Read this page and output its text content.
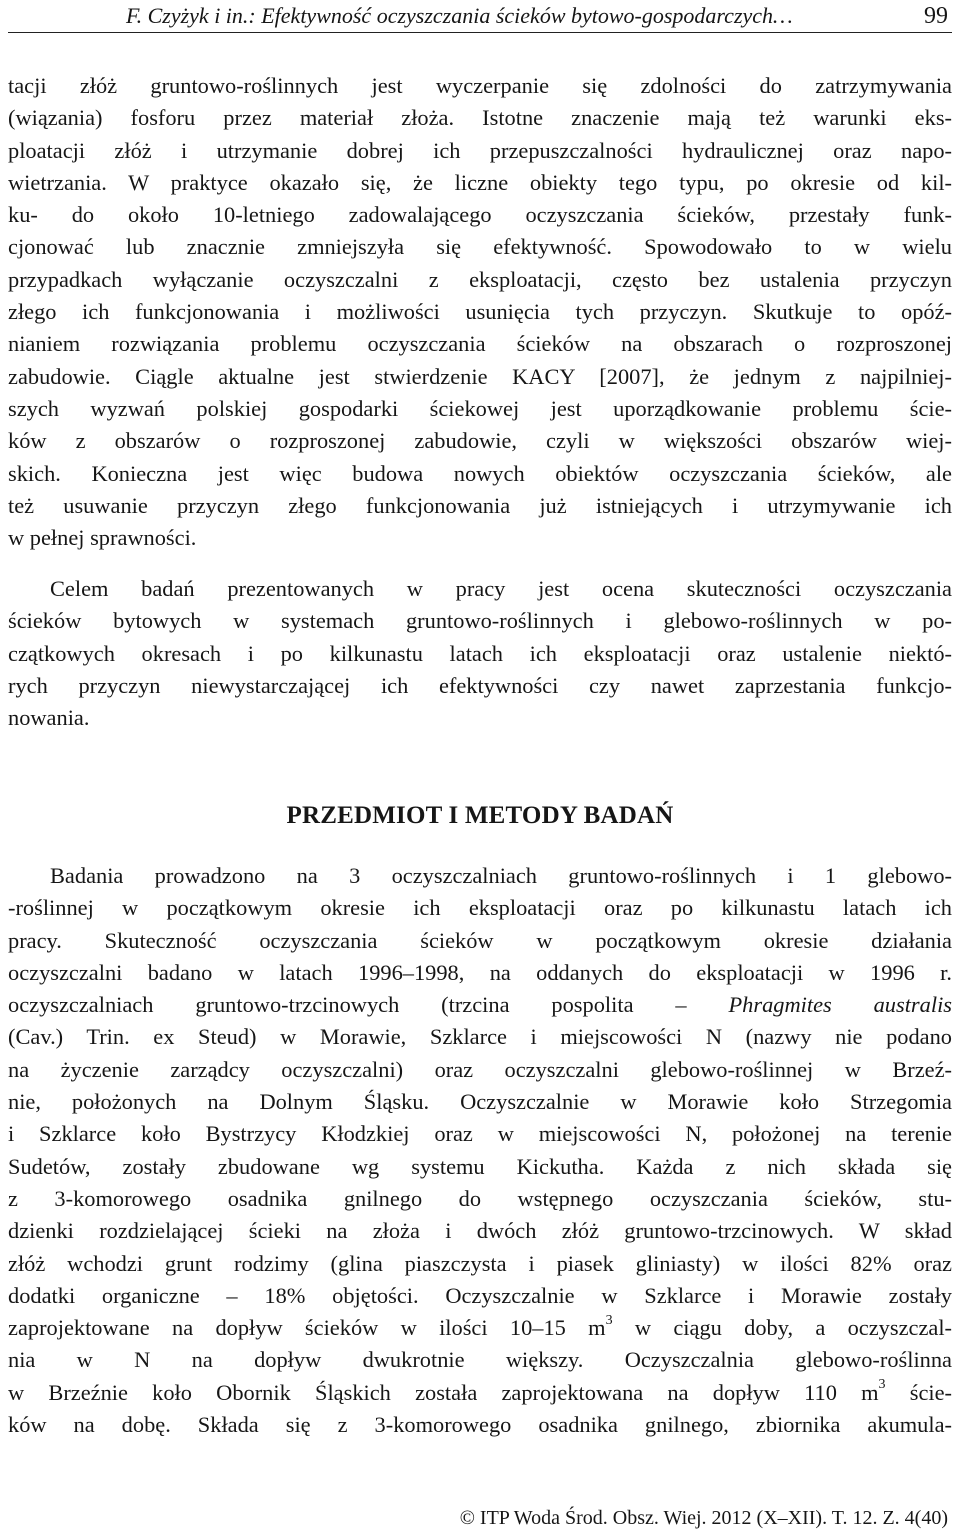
F. Czyżyk i in.: Efektywność oczyszczania ścieków bytowo-gospodarczych…	99
tacji złóż gruntowo-roślinnych jest wyczerpanie się zdolności do zatrzymywania
(wiązania) fosforu przez materiał złoża. Istotne znaczenie mają też warunki eks-
ploatacji złóż i utrzymanie dobrej ich przepuszczalności hydraulicznej oraz napo-
wietrzania. W praktyce okazało się, że liczne obiekty tego typu, po okresie od kil-
ku- do około 10-letniego zadowalającego oczyszczania ścieków, przestały funk-
cjonować lub znacznie zmniejszyła się efektywność. Spowodowało to w wielu
przypadkach wyłączanie oczyszczalni z eksploatacji, często bez ustalenia przyczyn
złego ich funkcjonowania i możliwości usunięcia tych przyczyn. Skutkuje to opóź-
nianiem rozwiązania problemu oczyszczania ścieków na obszarach o rozproszonej
zabudowie. Ciągle aktualne jest stwierdzenie KACY [2007], że jednym z najpilniej-
szych wyzwań polskiej gospodarki ściekowej jest uporządkowanie problemu ście-
ków z obszarów o rozproszonej zabudowie, czyli w większości obszarów wiej-
skich. Konieczna jest więc budowa nowych obiektów oczyszczania ścieków, ale
też usuwanie przyczyn złego funkcjonowania już istniejących i utrzymywanie ich
w pełnej sprawności.
Celem badań prezentowanych w pracy jest ocena skuteczności oczyszczania
ścieków bytowych w systemach gruntowo-roślinnych i glebowo-roślinnych w po-
czątkowych okresach i po kilkunastu latach ich eksploatacji oraz ustalenie niektó-
rych przyczyn niewystarczającej ich efektywności czy nawet zaprzestania funkcjo-
nowania.
PRZEDMIOT I METODY BADAŃ
Badania prowadzono na 3 oczyszczalniach gruntowo-roślinnych i 1 glebowo-
-roślinnej w początkowym okresie ich eksploatacji oraz po kilkunastu latach ich
pracy. Skuteczność oczyszczania ścieków w początkowym okresie działania
oczyszczalni badano w latach 1996–1998, na oddanych do eksploatacji w 1996 r.
oczyszczalniach gruntowo-trzcinowych (trzcina pospolita – Phragmites australis
(Cav.) Trin. ex Steud) w Morawie, Szklarce i miejscowości N (nazwy nie podano
na życzenie zarządcy oczyszczalni) oraz oczyszczalni glebowo-roślinnej w Brzeź-
nie, położonych na Dolnym Śląsku. Oczyszczalnie w Morawie koło Strzegomia
i Szklarce koło Bystrzycy Kłodzkiej oraz w miejscowości N, położonej na terenie
Sudetów, zostały zbudowane wg systemu Kickutha. Każda z nich składa się
z 3-komorowego osadnika gnilnego do wstępnego oczyszczania ścieków, stu-
dzienki rozdzielającej ścieki na złoża i dwóch złóż gruntowo-trzcinowych. W skład
złóż wchodzi grunt rodzimy (glina piaszczysta i piasek gliniasty) w ilości 82% oraz
dodatki organiczne – 18% objętości. Oczyszczalnie w Szklarce i Morawie zostały
zaprojektowane na dopływ ścieków w ilości 10–15 $m^3$ w ciągu doby, a oczyszczal-
nia w N na dopływ dwukrotnie większy. Oczyszczalnia glebowo-roślinna
w Brzeźnie koło Obornik Śląskich została zaprojektowana na dopływ 110 $m^3$ ście-
ków na dobę. Składa się z 3-komorowego osadnika gnilnego, zbiornika akumula-
© ITP Woda Środ. Obsz. Wiej. 2012 (X–XII). T. 12. Z. 4(40)
